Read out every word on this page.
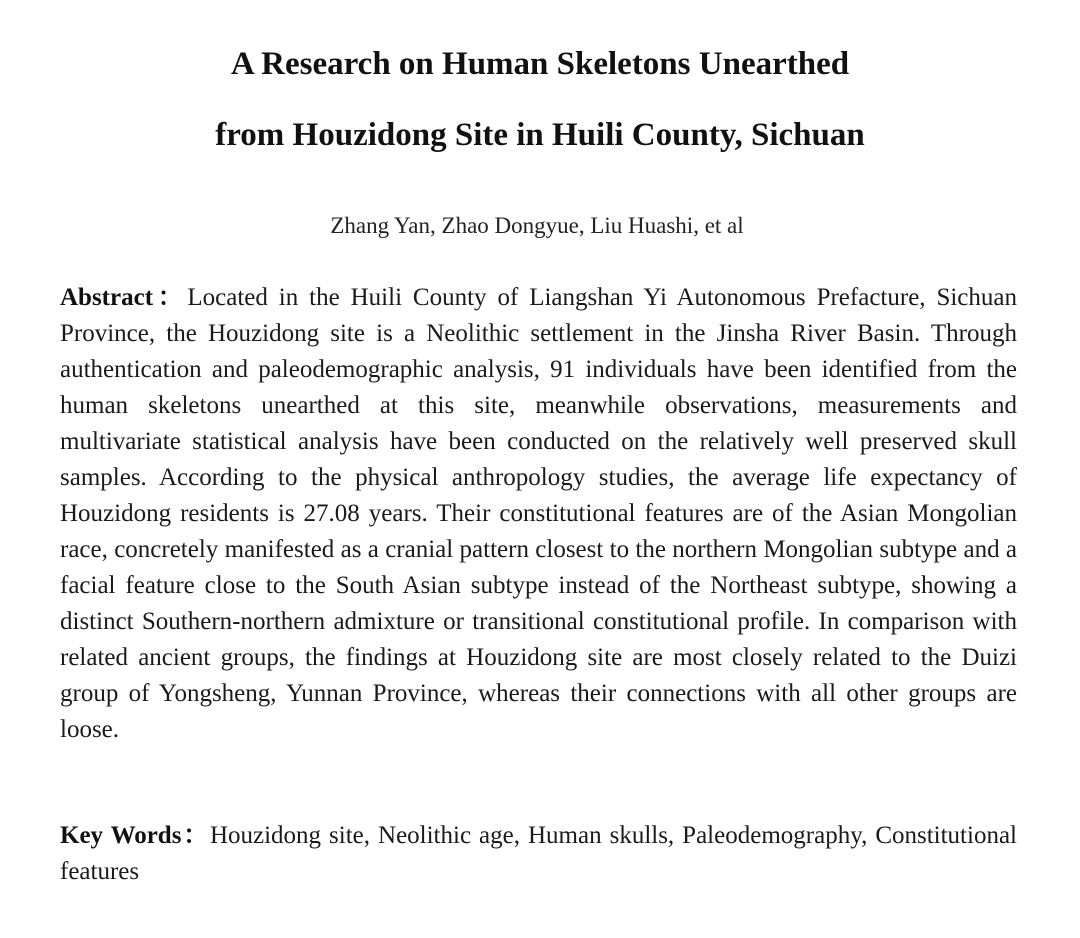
A Research on Human Skeletons Unearthed
from Houzidong Site in Huili County, Sichuan
Zhang Yan, Zhao Dongyue, Liu Huashi, et al

Abstract：Located in the Huili County of Liangshan Yi Autonomous Prefacture, Sichuan Province, the Houzidong site is a Neolithic settlement in the Jinsha River Basin. Through authentication and paleodemographic analysis, 91 individuals have been identified from the human skeletons unearthed at this site, meanwhile observations, measurements and multivariate statistical analysis have been conducted on the relatively well preserved skull samples. According to the physical anthropology studies, the average life expectancy of Houzidong residents is 27.08 years. Their constitutional features are of the Asian Mongolian race, concretely manifested as a cranial pattern closest to the northern Mongolian subtype and a facial feature close to the South Asian subtype instead of the Northeast subtype, showing a distinct Southern-northern admixture or transitional constitutional profile. In comparison with related ancient groups, the findings at Houzidong site are most closely related to the Duizi group of Yongsheng, Yunnan Province, whereas their connections with all other groups are loose.

Key Words：Houzidong site, Neolithic age, Human skulls, Paleodemography, Constitutional features
